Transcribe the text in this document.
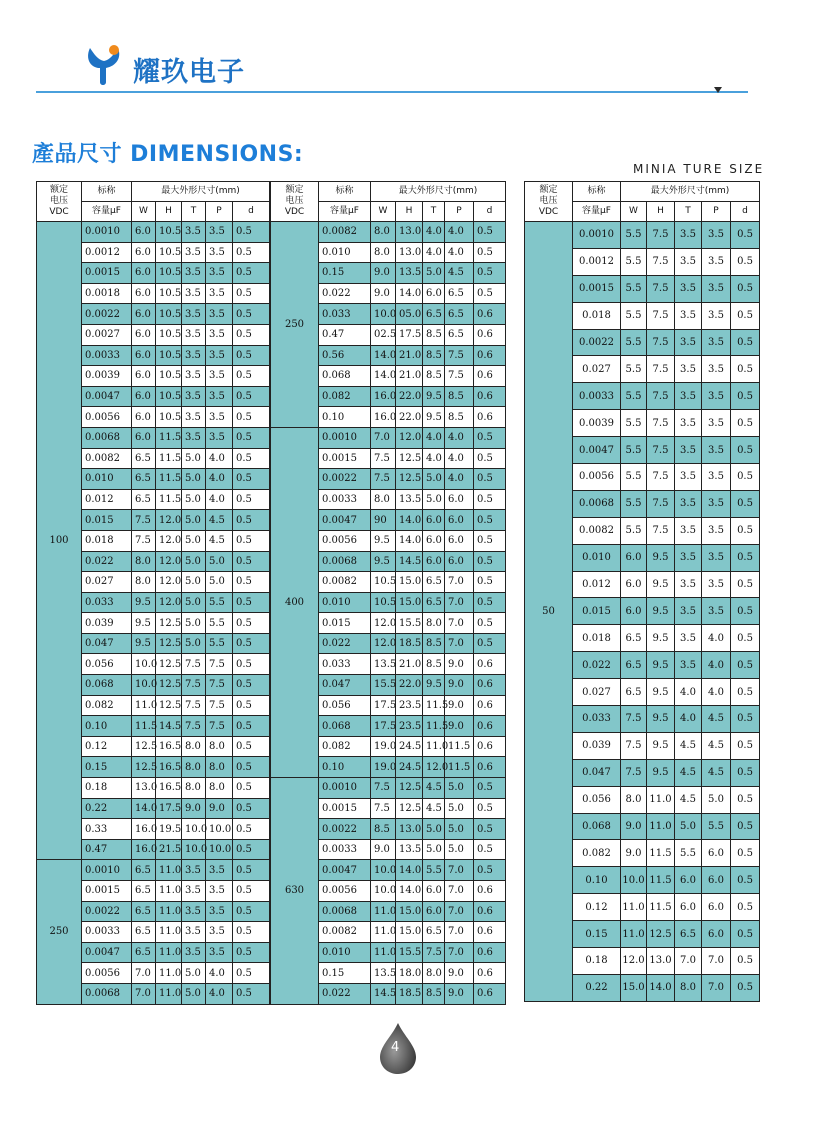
耀玖电子
產品尺寸 DIMENSIONS:
MINIA TURE SIZE
额定
电压
VDC	标称	最大外形尺寸(mm)				
	容量µF	W	H	T	P	d
100	0.0010	6.0	10.5	3.5	3.5	0.5
	0.0012	6.0	10.5	3.5	3.5	0.5
	0.0015	6.0	10.5	3.5	3.5	0.5
	0.0018	6.0	10.5	3.5	3.5	0.5
	0.0022	6.0	10.5	3.5	3.5	0.5
	0.0027	6.0	10.5	3.5	3.5	0.5
	0.0033	6.0	10.5	3.5	3.5	0.5
	0.0039	6.0	10.5	3.5	3.5	0.5
	0.0047	6.0	10.5	3.5	3.5	0.5
	0.0056	6.0	10.5	3.5	3.5	0.5
	0.0068	6.0	11.5	3.5	3.5	0.5
	0.0082	6.5	11.5	5.0	4.0	0.5
	0.010	6.5	11.5	5.0	4.0	0.5
	0.012	6.5	11.5	5.0	4.0	0.5
	0.015	7.5	12.0	5.0	4.5	0.5
	0.018	7.5	12.0	5.0	4.5	0.5
	0.022	8.0	12.0	5.0	5.0	0.5
	0.027	8.0	12.0	5.0	5.0	0.5
	0.033	9.5	12.0	5.0	5.5	0.5
	0.039	9.5	12.5	5.0	5.5	0.5
	0.047	9.5	12.5	5.0	5.5	0.5
	0.056	10.0	12.5	7.5	7.5	0.5
	0.068	10.0	12.5	7.5	7.5	0.5
	0.082	11.0	12.5	7.5	7.5	0.5
	0.10	11.5	14.5	7.5	7.5	0.5
	0.12	12.5	16.5	8.0	8.0	0.5
	0.15	12.5	16.5	8.0	8.0	0.5
	0.18	13.0	16.5	8.0	8.0	0.5
	0.22	14.0	17.5	9.0	9.0	0.5
	0.33	16.0	19.5	10.0	10.0	0.5
	0.47	16.0	21.5	10.0	10.0	0.5
250	0.0010	6.5	11.0	3.5	3.5	0.5
	0.0015	6.5	11.0	3.5	3.5	0.5
	0.0022	6.5	11.0	3.5	3.5	0.5
	0.0033	6.5	11.0	3.5	3.5	0.5
	0.0047	6.5	11.0	3.5	3.5	0.5
	0.0056	7.0	11.0	5.0	4.0	0.5
	0.0068	7.0	11.0	5.0	4.0	0.5
额定
电压
VDC	标称	最大外形尺寸(mm)				
	容量µF	W	H	T	P	d
250	0.0082	8.0	13.0	4.0	4.0	0.5
	0.010	8.0	13.0	4.0	4.0	0.5
	0.15	9.0	13.5	5.0	4.5	0.5
	0.022	9.0	14.0	6.0	6.5	0.5
	0.033	10.0	05.0	6.5	6.5	0.6
	0.47	02.5	17.5	8.5	6.5	0.6
	0.56	14.0	21.0	8.5	7.5	0.6
	0.068	14.0	21.0	8.5	7.5	0.6
	0.082	16.0	22.0	9.5	8.5	0.6
	0.10	16.0	22.0	9.5	8.5	0.6
400	0.0010	7.0	12.0	4.0	4.0	0.5
	0.0015	7.5	12.5	4.0	4.0	0.5
	0.0022	7.5	12.5	5.0	4.0	0.5
	0.0033	8.0	13.5	5.0	6.0	0.5
	0.0047	90	14.0	6.0	6.0	0.5
	0.0056	9.5	14.0	6.0	6.0	0.5
	0.0068	9.5	14.5	6.0	6.0	0.5
	0.0082	10.5	15.0	6.5	7.0	0.5
	0.010	10.5	15.0	6.5	7.0	0.5
	0.015	12.0	15.5	8.0	7.0	0.5
	0.022	12.0	18.5	8.5	7.0	0.5
	0.033	13.5	21.0	8.5	9.0	0.6
	0.047	15.5	22.0	9.5	9.0	0.6
	0.056	17.5	23.5	11.5	9.0	0.6
	0.068	17.5	23.5	11.5	9.0	0.6
	0.082	19.0	24.5	11.0	11.5	0.6
	0.10	19.0	24.5	12.0	11.5	0.6
630	0.0010	7.5	12.5	4.5	5.0	0.5
	0.0015	7.5	12.5	4.5	5.0	0.5
	0.0022	8.5	13.0	5.0	5.0	0.5
	0.0033	9.0	13.5	5.0	5.0	0.5
	0.0047	10.0	14.0	5.5	7.0	0.5
	0.0056	10.0	14.0	6.0	7.0	0.6
	0.0068	11.0	15.0	6.0	7.0	0.6
	0.0082	11.0	15.0	6.5	7.0	0.6
	0.010	11.0	15.5	7.5	7.0	0.6
	0.15	13.5	18.0	8.0	9.0	0.6
	0.022	14.5	18.5	8.5	9.0	0.6
额定
电压
VDC	标称	最大外形尺寸(mm)				
	容量µF	W	H	T	P	d
50	0.0010	5.5	7.5	3.5	3.5	0.5
	0.0012	5.5	7.5	3.5	3.5	0.5
	0.0015	5.5	7.5	3.5	3.5	0.5
	0.018	5.5	7.5	3.5	3.5	0.5
	0.0022	5.5	7.5	3.5	3.5	0.5
	0.027	5.5	7.5	3.5	3.5	0.5
	0.0033	5.5	7.5	3.5	3.5	0.5
	0.0039	5.5	7.5	3.5	3.5	0.5
	0.0047	5.5	7.5	3.5	3.5	0.5
	0.0056	5.5	7.5	3.5	3.5	0.5
	0.0068	5.5	7.5	3.5	3.5	0.5
	0.0082	5.5	7.5	3.5	3.5	0.5
	0.010	6.0	9.5	3.5	3.5	0.5
	0.012	6.0	9.5	3.5	3.5	0.5
	0.015	6.0	9.5	3.5	3.5	0.5
	0.018	6.5	9.5	3.5	4.0	0.5
	0.022	6.5	9.5	3.5	4.0	0.5
	0.027	6.5	9.5	4.0	4.0	0.5
	0.033	7.5	9.5	4.0	4.5	0.5
	0.039	7.5	9.5	4.5	4.5	0.5
	0.047	7.5	9.5	4.5	4.5	0.5
	0.056	8.0	11.0	4.5	5.0	0.5
	0.068	9.0	11.0	5.0	5.5	0.5
	0.082	9.0	11.5	5.5	6.0	0.5
	0.10	10.0	11.5	6.0	6.0	0.5
	0.12	11.0	11.5	6.0	6.0	0.5
	0.15	11.0	12.5	6.5	6.0	0.5
	0.18	12.0	13.0	7.0	7.0	0.5
	0.22	15.0	14.0	8.0	7.0	0.5
4
